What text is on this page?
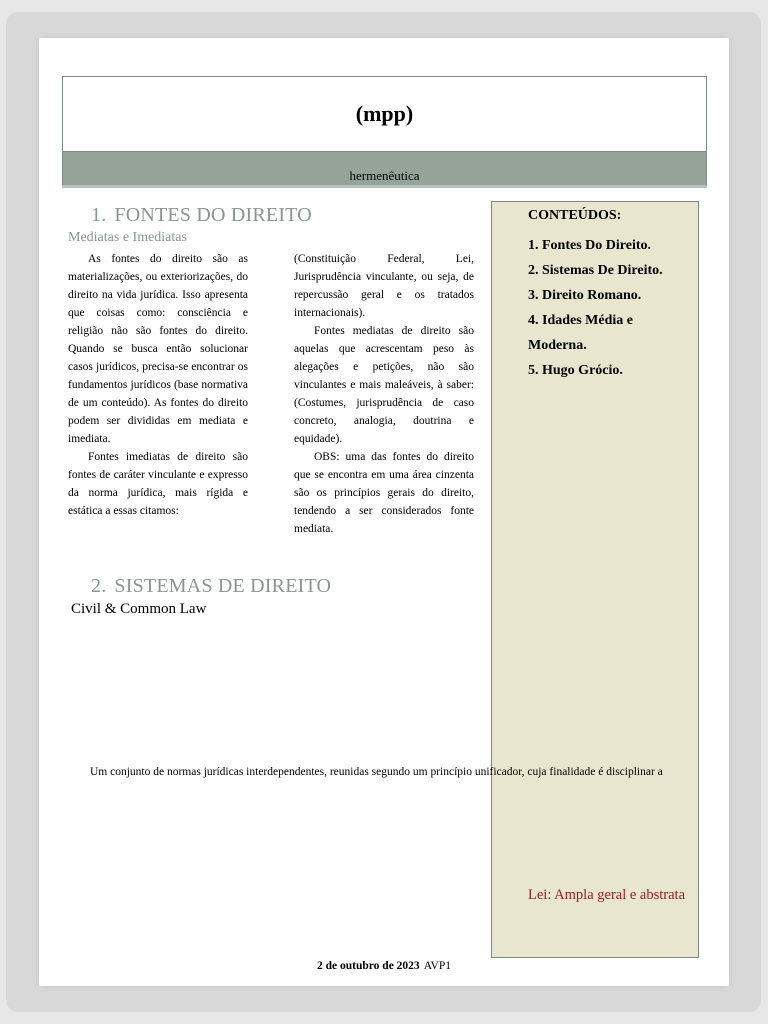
(mpp)
hermenêutica
1. FONTES DO DIREITO
Mediatas e Imediatas

As fontes do direito são as materializações, ou exteriorizações, do direito na vida jurídica. Isso apresenta que coisas como: consciência e religião não são fontes do direito. Quando se busca então solucionar casos jurídicos, precisa-se encontrar os fundamentos jurídicos (base normativa de um conteúdo). As fontes do direito podem ser divididas em mediata e imediata.

Fontes imediatas de direito são fontes de caráter vinculante e expresso da norma jurídica, mais rígida e estática a essas citamos:

(Constituição Federal, Lei, Jurisprudência vinculante, ou seja, de repercussão geral e os tratados internacionais).

Fontes mediatas de direito são aquelas que acrescentam peso às alegações e petições, não são vinculantes e mais maleáveis, à saber: (Costumes, jurisprudência de caso concreto, analogia, doutrina e equidade).

OBS: uma das fontes do direito que se encontra em uma área cinzenta são os princípios gerais do direito, tendendo a ser considerados fonte mediata.

2. SISTEMAS DE DIREITO
Civil & Common Law
CONTEÚDOS:
1. Fontes Do Direito.
2. Sistemas De Direito.
3. Direito Romano.
4. Idades Média e Moderna.
5. Hugo Grócio.
Lei: Ampla geral e abstrata
Um conjunto de normas jurídicas interdependentes, reunidas segundo um princípio unificador, cuja finalidade é disciplinar a
2 de outubro de 2023 AVP1
